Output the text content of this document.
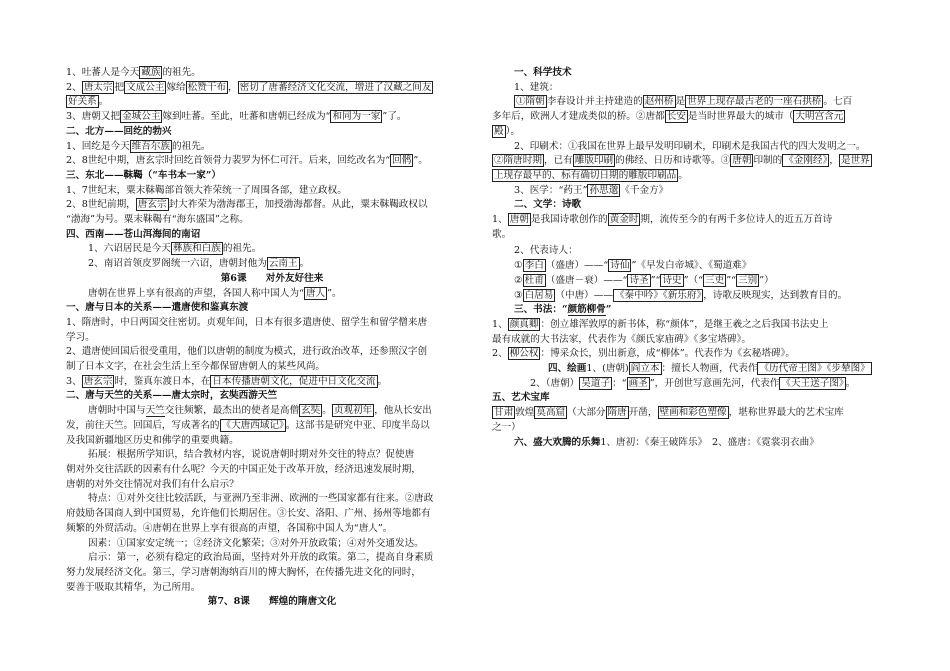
1、吐蕃人是今天 藏族 的祖先。
2、 唐太宗 把 文成公主 嫁给 松赞干布 ， 密切了唐蕃经济文化交流，增进了汉藏之间友
好关系 。
3、唐朝又把 金城公主 嫁到吐蕃。至此，吐蕃和唐朝已经成为“ 和同为一家 ”了。
二、北方——回纥的勃兴
1、回纥是今天 维吾尔族 的祖先。
2、8世纪中期，唐玄宗时回纥首领骨力裴罗为怀仁可汗。后来，回纥改名为“ 回鹘 ”。
三、东北——靺鞨（“车书本一家”）
1、7世纪末，粟末靺鞨部首领大祚荣统一了周围各部，建立政权。
2、8世纪前期， 唐玄宗 封大祚荣为渤海郡王，加授渤海都督。从此，粟末靺鞨政权以
“渤海”为号。粟末靺鞨有“海东盛国”之称。
四、西南——苍山洱海间的南诏
1、六诏居民是今天 彝族和白族 的祖先。
2、南诏首领皮罗阁统一六诏，唐朝封他为 云南王 。
第6课　　对外友好往来
唐朝在世界上享有很高的声望，各国人称中国人为“ 唐人 ”。
一、唐与日本的关系——遣唐使和鉴真东渡
1、隋唐时，中日两国交往密切。贞观年间，日本有很多遣唐使、留学生和留学僧来唐
学习。
2、遣唐使回国后很受重用，他们以唐朝的制度为模式，进行政治改革，还参照汉字创
制了日本文字，在社会生活上至今都保留唐朝人的某些风尚。
3、 唐玄宗 时，鉴真东渡日本，在 日本传播唐朝文化，促进中日文化交流 。
二、唐与天竺的关系——唐太宗时，玄奘西游天竺
唐朝时中国与天竺交往频繁，最杰出的使者是高僧 玄奘 。 贞观初年 ，他从长安出
发，前往天竺。回国后，写成著名的 《大唐西域记》 。这部书是研究中亚、印度半岛以
及我国新疆地区历史和佛学的重要典籍。
拓展：根据所学知识，结合教材内容，说说唐朝时期对外交往的特点？促使唐
朝对外交往活跃的因素有什么呢？今天的中国正处于改革开放，经济迅速发展时期，
唐朝的对外交往情况对我们有什么启示？
特点：①对外交往比较活跃，与亚洲乃至非洲、欧洲的一些国家都有往来。②唐政
府鼓励各国商人到中国贸易，允许他们长期居住。③长安、洛阳、广州、扬州等地都有
频繁的外贸活动。④唐朝在世界上享有很高的声望，各国称中国人为“唐人”。
因素：①国家安定统一；②经济文化繁荣；③对外开放政策；④对外交通发达。
启示：第一，必须有稳定的政治局面，坚持对外开放的政策。第二，提高自身素质
努力发展经济文化。第三，学习唐朝海纳百川的博大胸怀，在传播先进文化的同时，
要善于吸取其精华，为己所用。
第7、8课　　辉煌的隋唐文化
一、科学技术
1、建筑：
①隋朝 李春设计并主持建造的 赵州桥 是 世界上现存最古老的一座石拱桥 。七百
多年后，欧洲人才建成类似的桥。②唐都 长安 是当时世界最大的城市（ 大明宫含元
殿 ）。
2、印刷术：①我国在世界上最早发明印刷术，印刷术是我国古代的四大发明之一。
②隋唐时期 ，已有 雕版印刷 的佛经、日历和诗歌等。③ 唐朝 印制的 《金刚经》 ， 是世界
上现存最早的、标有确切日期的雕版印刷品 。
3、医学：“药王” 孙思邈 《千金方》
二、文学：诗歌
1、 唐朝 是我国诗歌创作的 黄金时 期，流传至今的有两千多位诗人的近五万首诗
歌。
2、代表诗人：
① 李白 （盛唐）——“ 诗仙 ”《早发白帝城》、《蜀道难》
② 杜甫 （盛唐－衰）——“ 诗圣 ”“ 诗史 ”（“ 三吏 ”“ 三别 ”）
③ 白居易 （中唐）—— 《秦中吟》《新乐府》 ，诗歌反映现实，达到教育目的。
三、书法：“颜筋柳骨”
1、 颜真卿 ：创立雄浑敦厚的新书体，称“颜体”，是继王羲之之后我国书法史上
最有成就的大书法家，代表作为《颜氏家庙碑》《多宝塔碑》。
2、 柳公权 ：博采众长，别出新意，成“柳体”。代表作为《玄秘塔碑》。
四、绘画1、(唐朝) 阎立本 ：擅长人物画，代表作 《历代帝王图》《步辇图》
2、（唐朝） 吴道子 ：“ 画圣 ”，开创世写意画先河，代表作 《天王送子图》 。
五、艺术宝库
甘肃 敦煌 莫高窟 （大部分 隋唐 开凿， 壁画和彩色塑像 ，堪称世界最大的艺术宝库
之一）
六、盛大欢腾的乐舞1、唐初：《秦王破阵乐》　2、盛唐：《霓裳羽衣曲》
